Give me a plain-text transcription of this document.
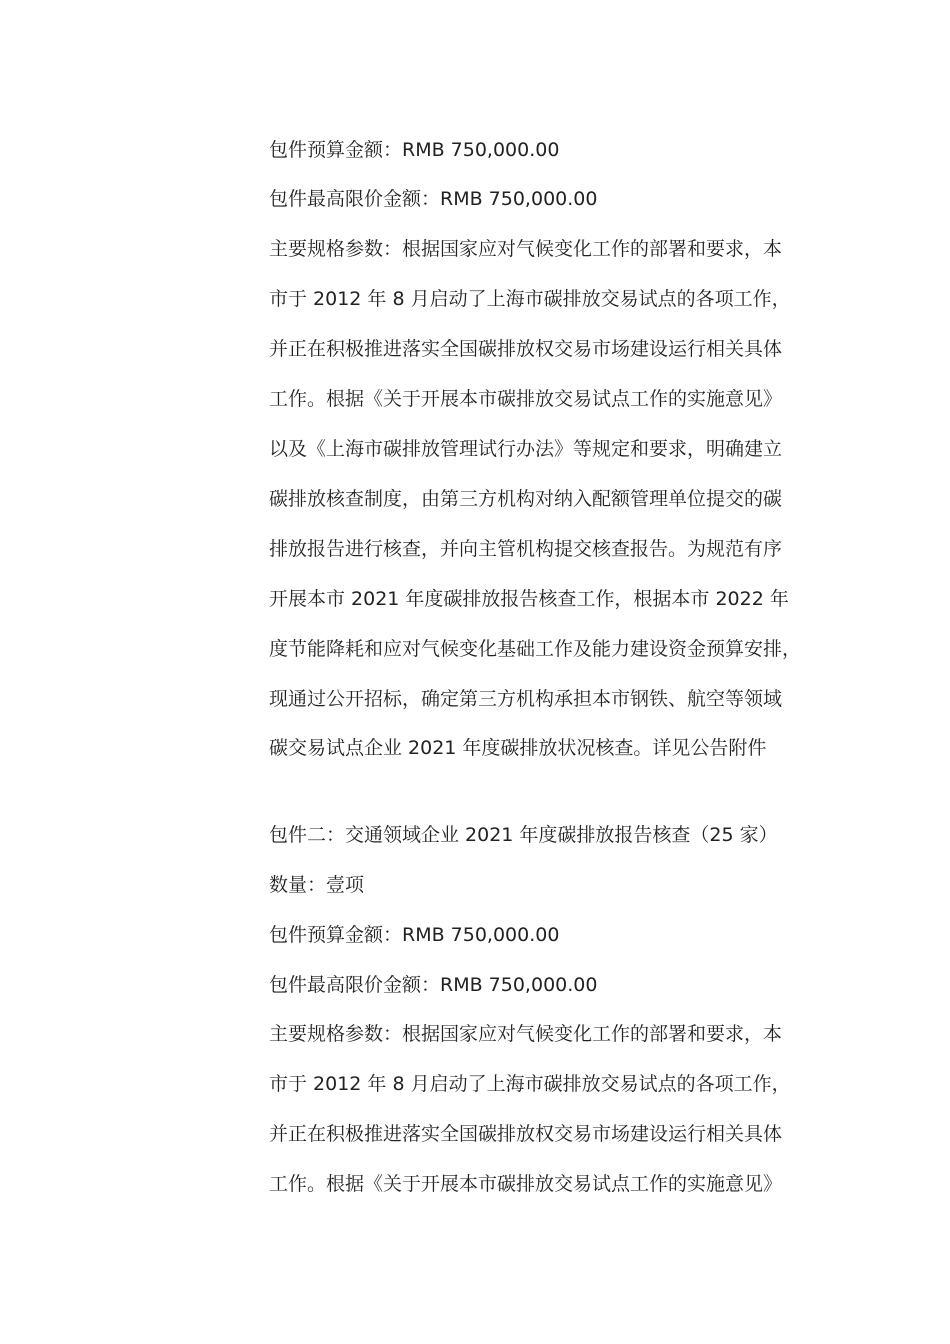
包件预算金额：RMB 750,000.00
包件最高限价金额：RMB 750,000.00
主要规格参数：根据国家应对气候变化工作的部署和要求，本
市于 2012 年 8 月启动了上海市碳排放交易试点的各项工作，
并正在积极推进落实全国碳排放权交易市场建设运行相关具体
工作。根据《关于开展本市碳排放交易试点工作的实施意见》
以及《上海市碳排放管理试行办法》等规定和要求，明确建立
碳排放核查制度，由第三方机构对纳入配额管理单位提交的碳
排放报告进行核查，并向主管机构提交核查报告。为规范有序
开展本市 2021 年度碳排放报告核查工作，根据本市 2022 年
度节能降耗和应对气候变化基础工作及能力建设资金预算安排，
现通过公开招标，确定第三方机构承担本市钢铁、航空等领域
碳交易试点企业 2021 年度碳排放状况核查。详见公告附件
包件二：交通领域企业 2021 年度碳排放报告核查（25 家）
数量：壹项
包件预算金额：RMB 750,000.00
包件最高限价金额：RMB 750,000.00
主要规格参数：根据国家应对气候变化工作的部署和要求，本
市于 2012 年 8 月启动了上海市碳排放交易试点的各项工作，
并正在积极推进落实全国碳排放权交易市场建设运行相关具体
工作。根据《关于开展本市碳排放交易试点工作的实施意见》
